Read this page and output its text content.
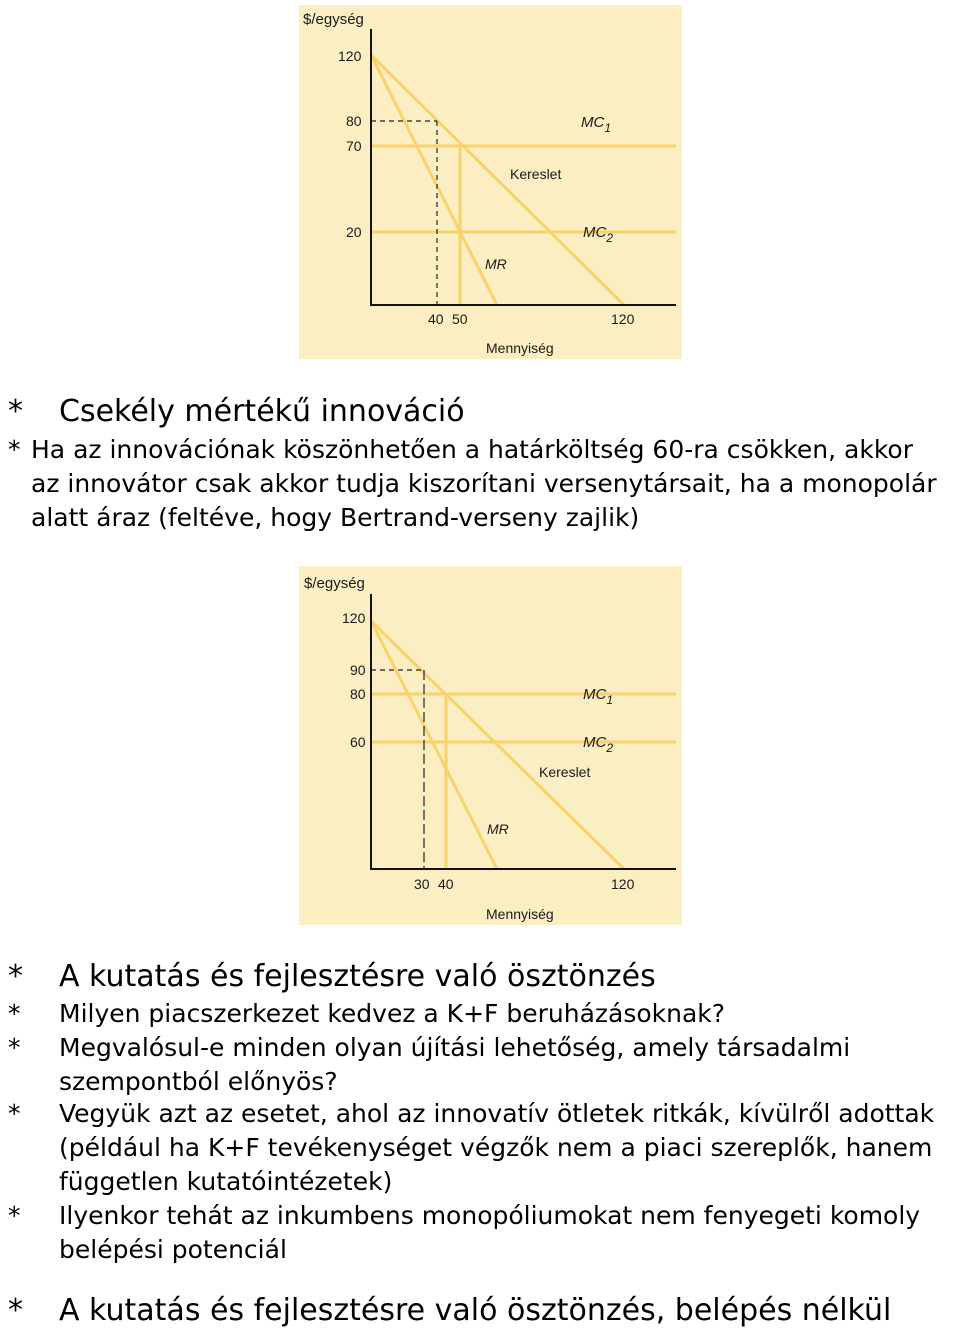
$/egység
120
80
70
20
40 50	120
Mennyiség
$MC_1$
$MC_2$
Kereslet
MR
* Csekély mértékű innováció
* Ha az innovációnak köszönhetően a határköltség 60-ra csökken, akkor
az innovátor csak akkor tudja kiszorítani versenytársait, ha a monopolár
alatt áraz (feltéve, hogy Bertrand-verseny zajlik)
$/egység
120
90
80
60
30 40	120
Mennyiség
$MC_1$
$MC_2$
Kereslet
MR
* A kutatás és fejlesztésre való ösztönzés
* Milyen piacszerkezet kedvez a K+F beruházásoknak?
* Megvalósul-e minden olyan újítási lehetőség, amely társadalmi
szempontból előnyös?
* Vegyük azt az esetet, ahol az innovatív ötletek ritkák, kívülről adottak
(például ha K+F tevékenységet végzők nem a piaci szereplők, hanem
független kutatóintézetek)
* Ilyenkor tehát az inkumbens monopóliumokat nem fenyegeti komoly
belépési potenciál
* A kutatás és fejlesztésre való ösztönzés, belépés nélkül
